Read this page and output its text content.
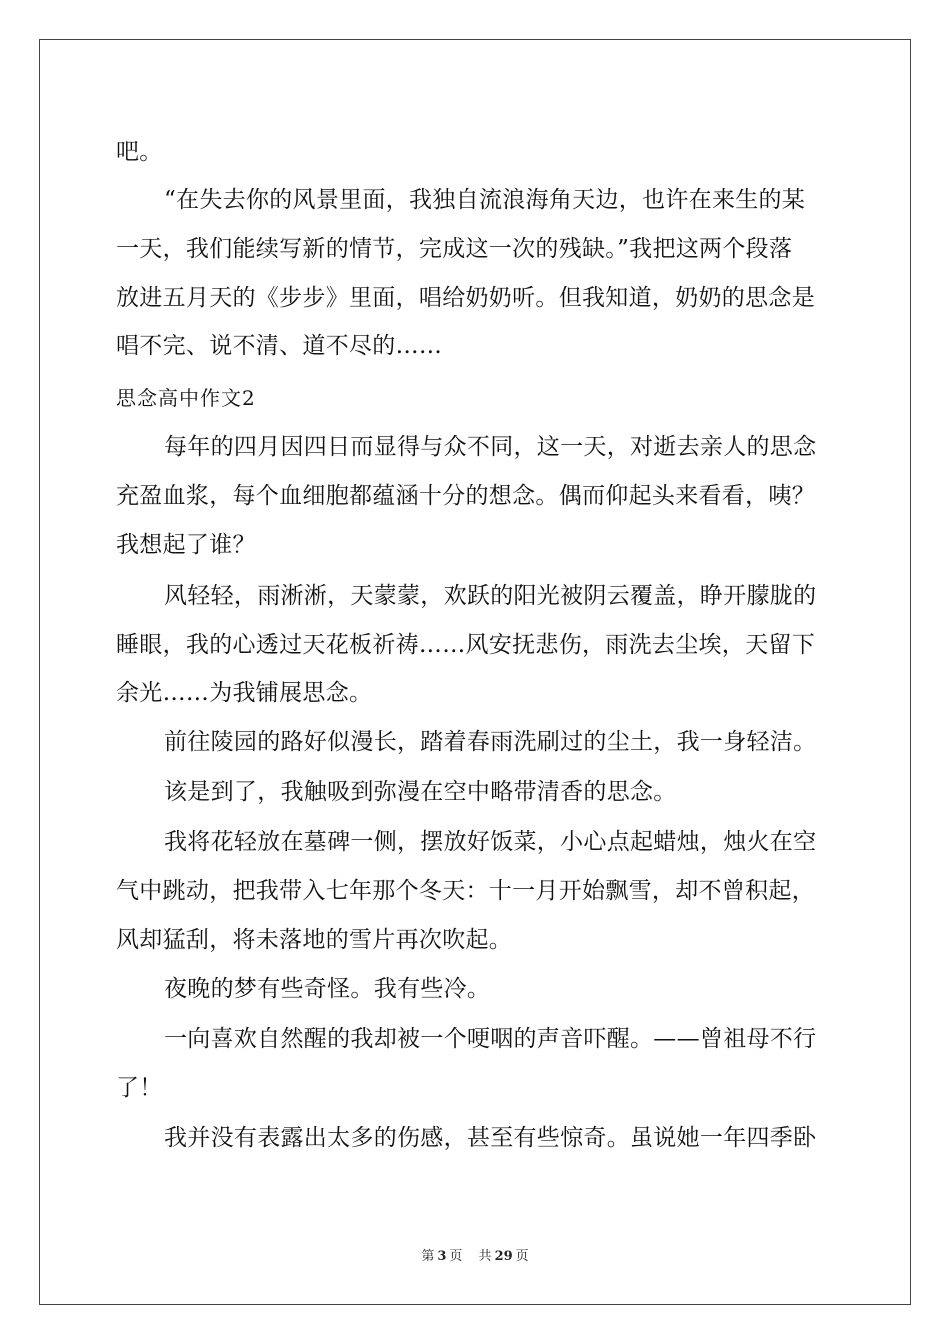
吧。
“在失去你的风景里面，我独自流浪海角天边，也许在来生的某
一天，我们能续写新的情节，完成这一次的残缺。”我把这两个段落
放进五月天的《步步》里面，唱给奶奶听。但我知道，奶奶的思念是
唱不完、说不清、道不尽的……
思念高中作文2
每年的四月因四日而显得与众不同，这一天，对逝去亲人的思念
充盈血浆，每个血细胞都蕴涵十分的想念。偶而仰起头来看看，咦？
我想起了谁？
风轻轻，雨淅淅，天蒙蒙，欢跃的阳光被阴云覆盖，睁开朦胧的
睡眼，我的心透过天花板祈祷……风安抚悲伤，雨洗去尘埃，天留下
余光……为我铺展思念。
前往陵园的路好似漫长，踏着春雨洗刷过的尘土，我一身轻洁。
该是到了，我触吸到弥漫在空中略带清香的思念。
我将花轻放在墓碑一侧，摆放好饭菜，小心点起蜡烛，烛火在空
气中跳动，把我带入七年那个冬天：十一月开始飘雪，却不曾积起，
风却猛刮，将未落地的雪片再次吹起。
夜晚的梦有些奇怪。我有些冷。
一向喜欢自然醒的我却被一个哽咽的声音吓醒。——曾祖母不行
了！
我并没有表露出太多的伤感，甚至有些惊奇。虽说她一年四季卧
第 3 页 共 29 页
